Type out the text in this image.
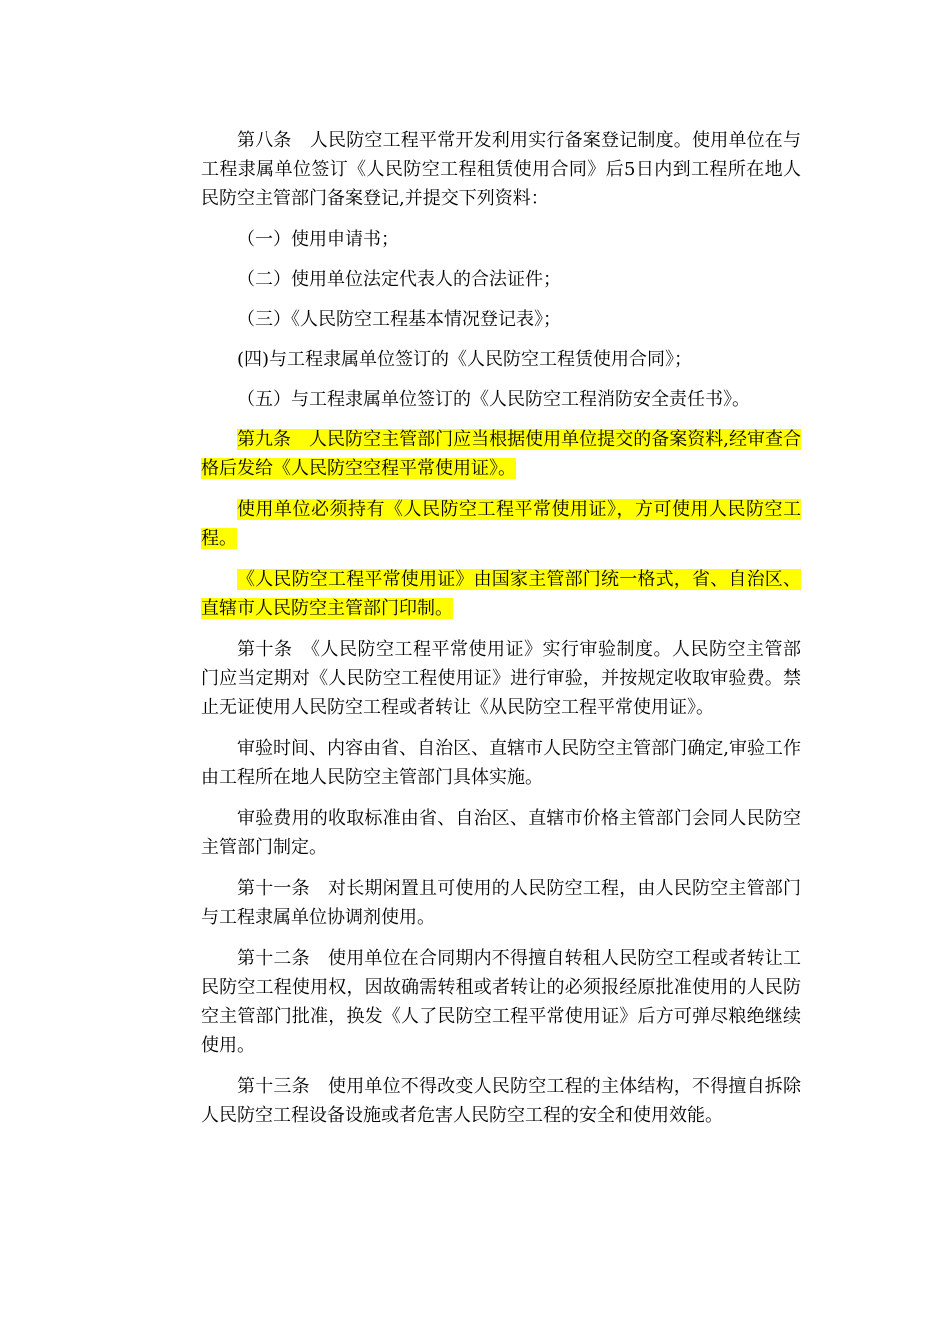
第八条　人民防空工程平常开发利用实行备案登记制度。使用单位在与工程隶属单位签订《人民防空工程租赁使用合同》后5日内到工程所在地人民防空主管部门备案登记,并提交下列资料：

（一）使用申请书；

（二）使用单位法定代表人的合法证件；

（三）《人民防空工程基本情况登记表》；

(四)与工程隶属单位签订的《人民防空工程赁使用合同》；

（五）与工程隶属单位签订的《人民防空工程消防安全责任书》。

第九条　人民防空主管部门应当根据使用单位提交的备案资料,经审查合格后发给《人民防空空程平常使用证》。

使用单位必须持有《人民防空工程平常使用证》，方可使用人民防空工程。

《人民防空工程平常使用证》由国家主管部门统一格式，省、自治区、直辖市人民防空主管部门印制。

第十条　《人民防空工程平常使用证》实行审验制度。人民防空主管部门应当定期对《人民防空工程使用证》进行审验，并按规定收取审验费。禁止无证使用人民防空工程或者转让《从民防空工程平常使用证》。

审验时间、内容由省、自治区、直辖市人民防空主管部门确定,审验工作由工程所在地人民防空主管部门具体实施。

审验费用的收取标准由省、自治区、直辖市价格主管部门会同人民防空主管部门制定。

第十一条　对长期闲置且可使用的人民防空工程，由人民防空主管部门与工程隶属单位协调剂使用。

第十二条　使用单位在合同期内不得擅自转租人民防空工程或者转让工民防空工程使用权，因故确需转租或者转让的必须报经原批准使用的人民防空主管部门批准，换发《人了民防空工程平常使用证》后方可弹尽粮绝继续使用。

第十三条　使用单位不得改变人民防空工程的主体结构，不得擅自拆除人民防空工程设备设施或者危害人民防空工程的安全和使用效能。
